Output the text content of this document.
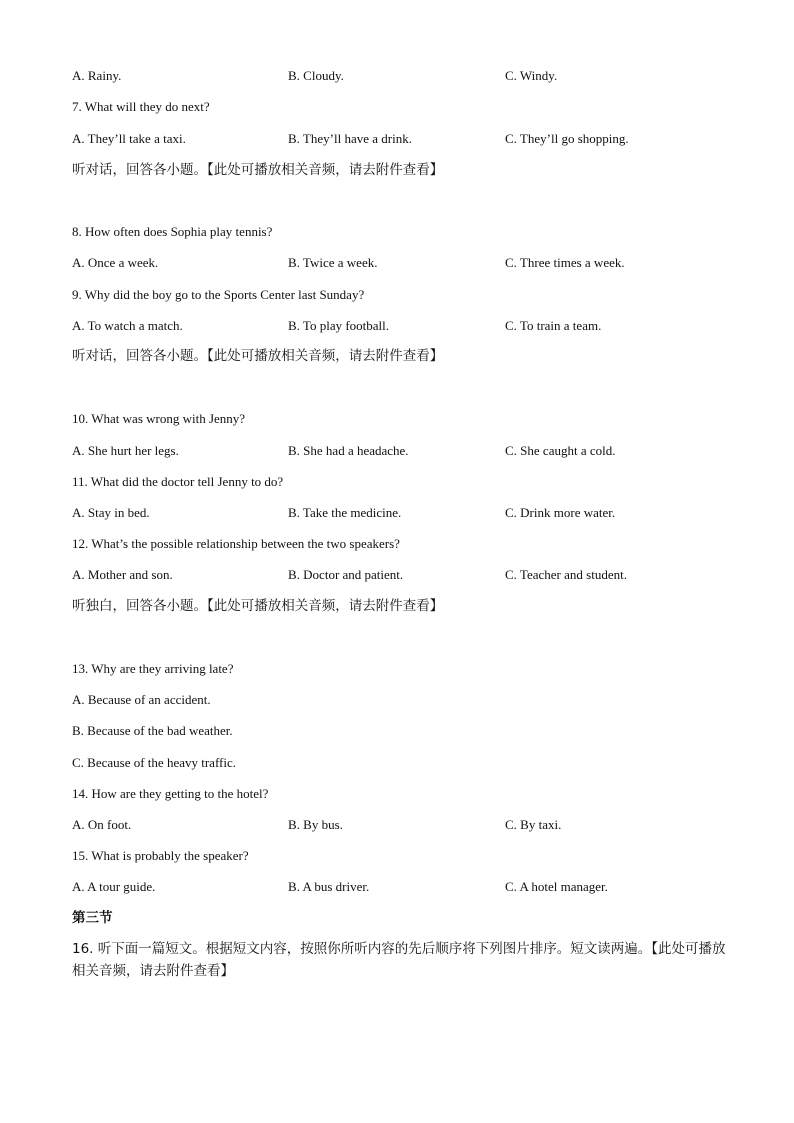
A. Rainy.	B. Cloudy.	C. Windy.
7. What will they do next?
A. They’ll take a taxi.	B. They’ll have a drink.	C. They’ll go shopping.
听对话，回答各小题。【此处可播放相关音频，请去附件查看】
8. How often does Sophia play tennis?
A. Once a week.	B. Twice a week.	C. Three times a week.
9. Why did the boy go to the Sports Center last Sunday?
A. To watch a match.	B. To play football.	C. To train a team.
听对话，回答各小题。【此处可播放相关音频，请去附件查看】
10. What was wrong with Jenny?
A. She hurt her legs.	B. She had a headache.	C. She caught a cold.
11. What did the doctor tell Jenny to do?
A. Stay in bed.	B. Take the medicine.	C. Drink more water.
12. What’s the possible relationship between the two speakers?
A. Mother and son.	B. Doctor and patient.	C. Teacher and student.
听独白，回答各小题。【此处可播放相关音频，请去附件查看】
13. Why are they arriving late?
A. Because of an accident.
B. Because of the bad weather.
C. Because of the heavy traffic.
14. How are they getting to the hotel?
A. On foot.	B. By bus.	C. By taxi.
15. What is probably the speaker?
A. A tour guide.	B. A bus driver.	C. A hotel manager.
第三节
16. 听下面一篇短文。根据短文内容，按照你所听内容的先后顺序将下列图片排序。短文读两遍。【此处可播放相关音频，请去附件查看】
